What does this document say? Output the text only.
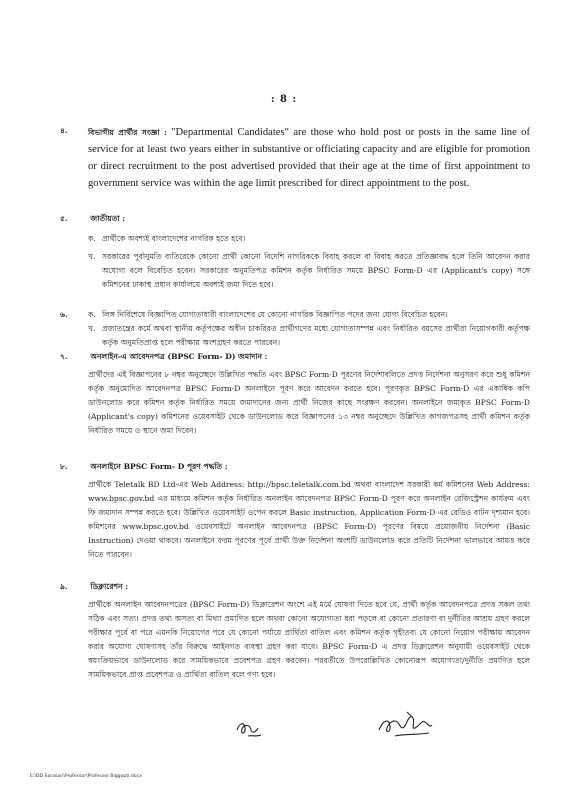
: 8 :
৪.	বিভাগীয় প্রার্থীর সংজ্ঞা : "Departmental Candidates" are those who hold post or posts in the same line of service for at least two years either in substantive or officiating capacity and are eligible for promotion or direct recruitment to the post advertised provided that their age at the time of first appointment to government service was within the age limit prescribed for direct appointment to the post.
৫.	জাতীয়তা :
ক. প্রার্থীকে অবশ্যই বাংলাদেশের নাগরিক হতে হবে।
খ. সরকারের পূর্বানুমতি ব্যতিরেকে কোনো প্রার্থী কোনো বিদেশি নাগরিককে বিবাহ করলে বা বিবাহ করতে প্রতিজ্ঞাবদ্ধ হলে তিনি আবেদন করার অযোগ্য বলে বিবেচিত হবেন। সরকারের অনুমতিপত্র কমিশন কর্তৃক নির্ধারিত সময়ে BPSC Form-D এর (Applicant's copy) সঙ্গে কমিশনের ঢাকাস্থ প্রধান কার্যালয়ে অবশ্যই জমা দিতে হবে।
৬.	ক. লিঙ্গ নির্বিশেষে বিজ্ঞাপিত যোগ্যতাধারী বাংলাদেশের যে কোনো নাগরিক বিজ্ঞাপিত পদের জন্য যোগ্য বিবেচিত হবেন।
খ. প্রজাতন্ত্রের কর্মে অথবা স্থানীয় কর্তৃপক্ষের অধীন চাকরিরত প্রার্থীগণের মধ্যে যোগ্যতাসম্পন্ন এবং নির্ধারিত বয়সের প্রার্থীরা নিয়োগকারী কর্তৃপক্ষ কর্তৃক অনুমতিপ্রাপ্ত হলে পরীক্ষায় অংশগ্রহণ করতে পারবেন।
৭.	অনলাইন-এ আবেদনপত্র (BPSC Form- D) জমাদান :
প্রার্থীদের এই বিজ্ঞাপনের ৮ নম্বর অনুচ্ছেদে উল্লিখিত পদ্ধতি এবং BPSC Form-D পূরণের নির্দেশাবলিতে প্রদত্ত নির্দেশনা অনুসরণ করে শুধু কমিশন কর্তৃক অনুমোদিত আবেদনপত্র BPSC Form-D অনলাইনে পূরণ করে আবেদন করতে হবে। পূরণকৃত BPSC Form-D এর একাধিক কপি ডাউনলোড করে কমিশন কর্তৃক নির্ধারিত সময়ে জমাদানের জন্য প্রার্থী নিজের কাছে সংরক্ষণ করবেন। অনলাইনে জমাকৃত BPSC Form-D (Applicant's copy) কমিশনের ওয়েবসাইট থেকে ডাউনলোড করে বিজ্ঞাপনের ১৩ নম্বর অনুচ্ছেদে উল্লিখিত কাগজপত্রসহ প্রার্থী কমিশন কর্তৃক নির্ধারিত সময়ে ও স্থানে জমা দিবেন।
৮.	অনলাইনে BPSC Form- D পূরণ পদ্ধতি :
প্রার্থীকে Teletalk BD Ltd-এর Web Address: http://bpsc.teletalk.com.bd অথবা বাংলাদেশ সরকারী কর্ম কমিশনের Web Address: www.bpsc.gov.bd এর মাধ্যমে কমিশন কর্তৃক নির্ধারিত অনলাইন আবেদনপত্র BPSC Form-D পূরণ করে অনলাইন রেজিস্ট্রেশন কার্যক্রম এবং ফি জমাদান সম্পন্ন করতে হবে। উল্লিখিত ওয়েবসাইট ওপেন করলে Basic instruction, Application Form-D এর রেডিও বাটন দৃশ্যমান হবে। কমিশনের www.bpsc.gov.bd ওয়েবসাইটে অনলাইন আবেদনপত্র (BPSC Form-D) পূরণের বিষয়ে প্রয়োজনীয় নির্দেশনা (Basic Instruction) দেওয়া থাকবে। অনলাইনে ফরম পূরণের পূর্বে প্রার্থী উক্ত নির্দেশনা অংশটি ডাউনলোড করে প্রতিটি নির্দেশনা ভালভাবে আয়ত্ত করে নিতে পারবেন।
৯.	ডিক্লারেশন :
প্রার্থীকে অনলাইন আবেদনপত্রের (BPSC Form-D) ডিক্লারেশন অংশে এই মর্মে ঘোষণা দিতে হবে যে, প্রার্থী কর্তৃক আবেদনপত্রে প্রদত্ত সকল তথ্য সঠিক এবং সত্য। প্রদত্ত তথ্য অসত্য বা মিথ্যা প্রমাণিত হলে অথবা কোনো অযোগ্যতা ধরা পড়লে বা কোনো প্রতারণা বা দুর্নীতির আশ্রয় গ্রহণ করলে পরীক্ষার পূর্বে বা পরে এমনকি নিয়োগের পরে যে কোনো পর্যায়ে প্রার্থিতা বাতিল এবং কমিশন কর্তৃক গৃহীতব্য যে কোনো নিয়োগ পরীক্ষায় আবেদন করার অযোগ্য ঘোষণাসহ তাঁর বিরুদ্ধে আইনগত ব্যবস্থা গ্রহণ করা যাবে। BPSC Form-D এ প্রদত্ত ডিক্লারেশন অনুযায়ী ওয়েবসাইট থেকে স্বয়ংক্রিয়ভাবে ডাউনলোড করে সাময়িকভাবে প্রবেশপত্র গ্রহণ করবেন। পরবর্তীতে উপরোল্লিখিত কোনোরূপ অযোগ্যতা/দুর্নীতি প্রমাণিত হলে সাময়িকভাবে প্রাপ্ত প্রবেশপত্র ও প্রার্থিতা বাতিল বলে গণ্য হবে।
E:\DD Sarasari\Professor\Professor Biggopti.docx
